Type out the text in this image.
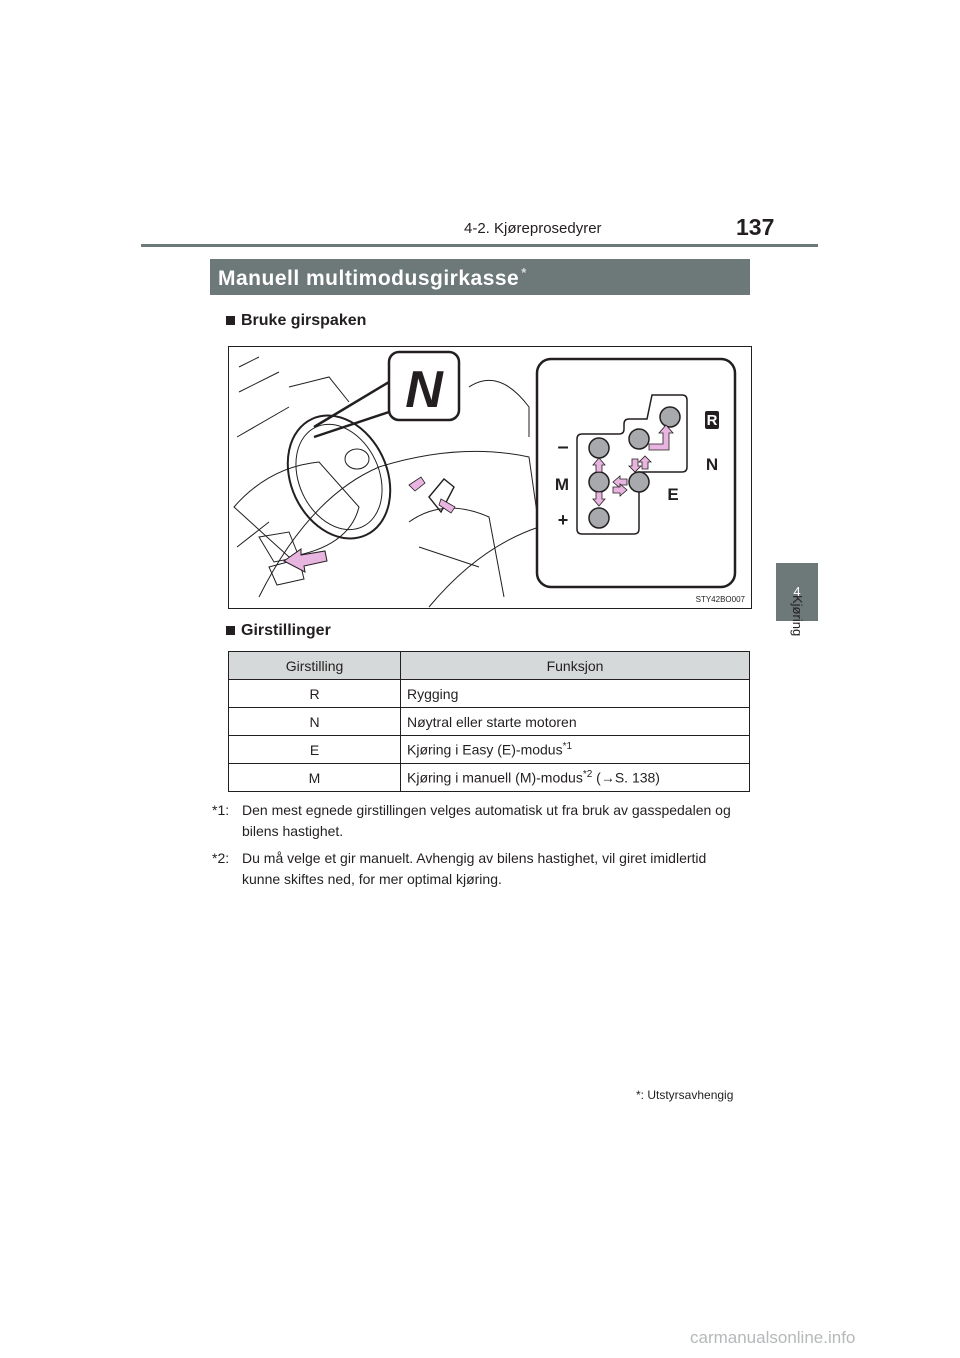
4-2. Kjøreprosedyrer	137
4
Kjøring
Manuell multimodusgirkasse *
Bruke girspaken
N
R
N
E
M
–
+
STY42BO007
Girstillinger
Girstilling	Funksjon
R	Rygging
N	Nøytral eller starte motoren
E	Kjøring i Easy (E)-modus$^{*1}$
M	Kjøring i manuell (M)-modus$^{*2}$ (→S. 138)
*1: Den mest egnede girstillingen velges automatisk ut fra bruk av gasspedalen og bilens hastighet.
*2: Du må velge et gir manuelt. Avhengig av bilens hastighet, vil giret imidlertid kunne skiftes ned, for mer optimal kjøring.
*: Utstyrsavhengig
carmanualsonline.info
